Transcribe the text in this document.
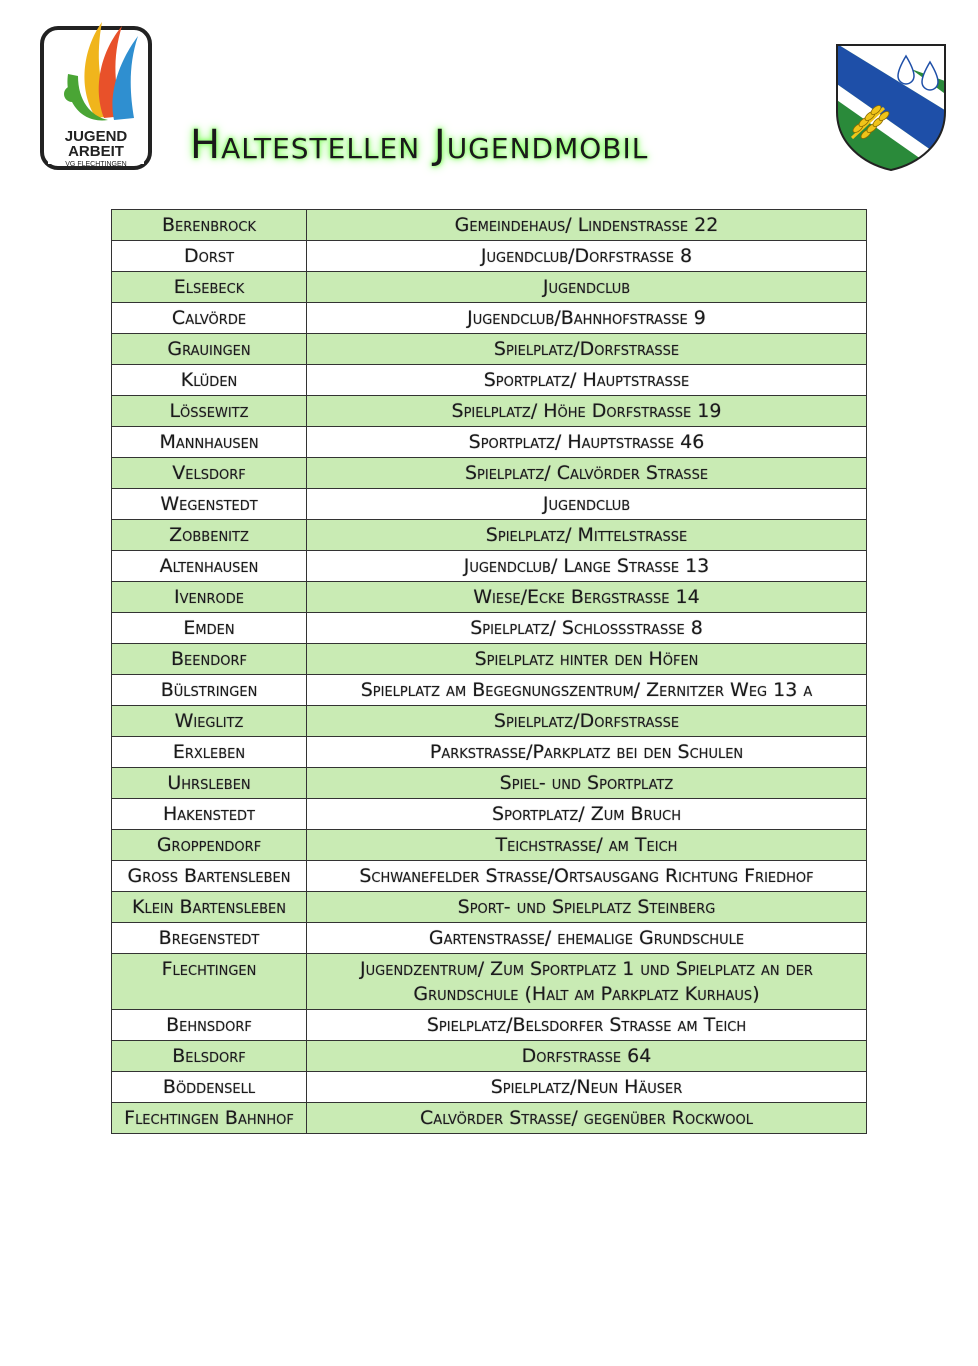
JUGEND
ARBEIT
VG FLECHTINGEN Haltestellen Jugendmobil
Berenbrock	Gemeindehaus/ Lindenstraße 22
Dorst	Jugendclub/Dorfstraße 8
Elsebeck	Jugendclub
Calvörde	Jugendclub/Bahnhofstraße 9
Grauingen	Spielplatz/Dorfstraße
Klüden	Sportplatz/ Hauptstraße
Lössewitz	Spielplatz/ Höhe Dorfstraße 19
Mannhausen	Sportplatz/ Hauptstraße 46
Velsdorf	Spielplatz/ Calvörder Straße
Wegenstedt	Jugendclub
Zobbenitz	Spielplatz/ Mittelstraße
Altenhausen	Jugendclub/ Lange Straße 13
Ivenrode	Wiese/Ecke Bergstraße 14
Emden	Spielplatz/ Schlossstraße 8
Beendorf	Spielplatz hinter den Höfen
Bülstringen	Spielplatz am Begegnungszentrum/ Zernitzer Weg 13 a
Wieglitz	Spielplatz/Dorfstraße
Erxleben	Parkstraße/Parkplatz bei den Schulen
Uhrsleben	Spiel- und Sportplatz
Hakenstedt	Sportplatz/ Zum Bruch
Groppendorf	Teichstraße/ am Teich
Groß Bartensleben	Schwanefelder Straße/Ortsausgang Richtung Friedhof
Klein Bartensleben	Sport- und Spielplatz Steinberg
Bregenstedt	Gartenstraße/ ehemalige Grundschule
Flechtingen	Jugendzentrum/ Zum Sportplatz 1 und Spielplatz an der Grundschule (Halt am Parkplatz Kurhaus)
Behnsdorf	Spielplatz/Belsdorfer Straße am Teich
Belsdorf	Dorfstraße 64
Böddensell	Spielplatz/Neun Häuser
Flechtingen Bahnhof	Calvörder Straße/ gegenüber Rockwool
